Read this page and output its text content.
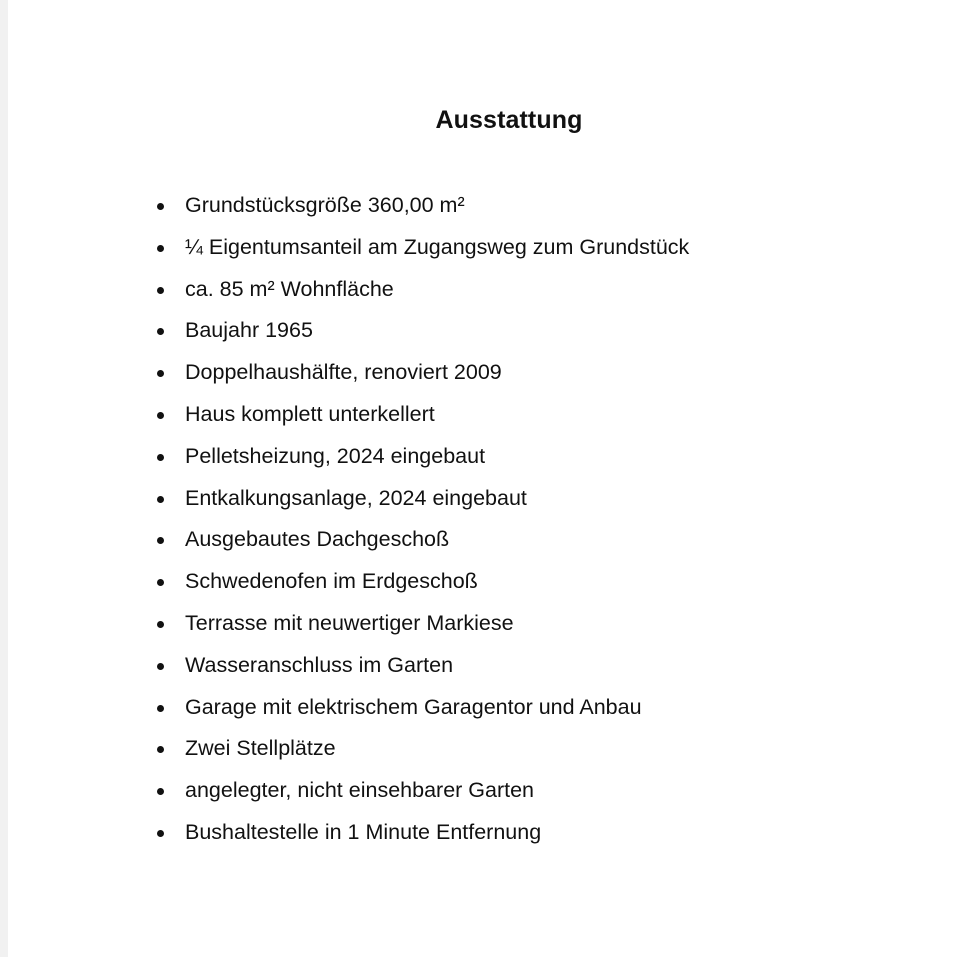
Ausstattung
Grundstücksgröße 360,00 m²
¼ Eigentumsanteil am Zugangsweg zum Grundstück
ca. 85 m² Wohnfläche
Baujahr 1965
Doppelhaushälfte, renoviert 2009
Haus komplett unterkellert
Pelletsheizung, 2024 eingebaut
Entkalkungsanlage, 2024 eingebaut
Ausgebautes Dachgeschoß
Schwedenofen im Erdgeschoß
Terrasse mit neuwertiger Markiese
Wasseranschluss im Garten
Garage mit elektrischem Garagentor und Anbau
Zwei Stellplätze
angelegter, nicht einsehbarer Garten
Bushaltestelle in 1 Minute Entfernung
